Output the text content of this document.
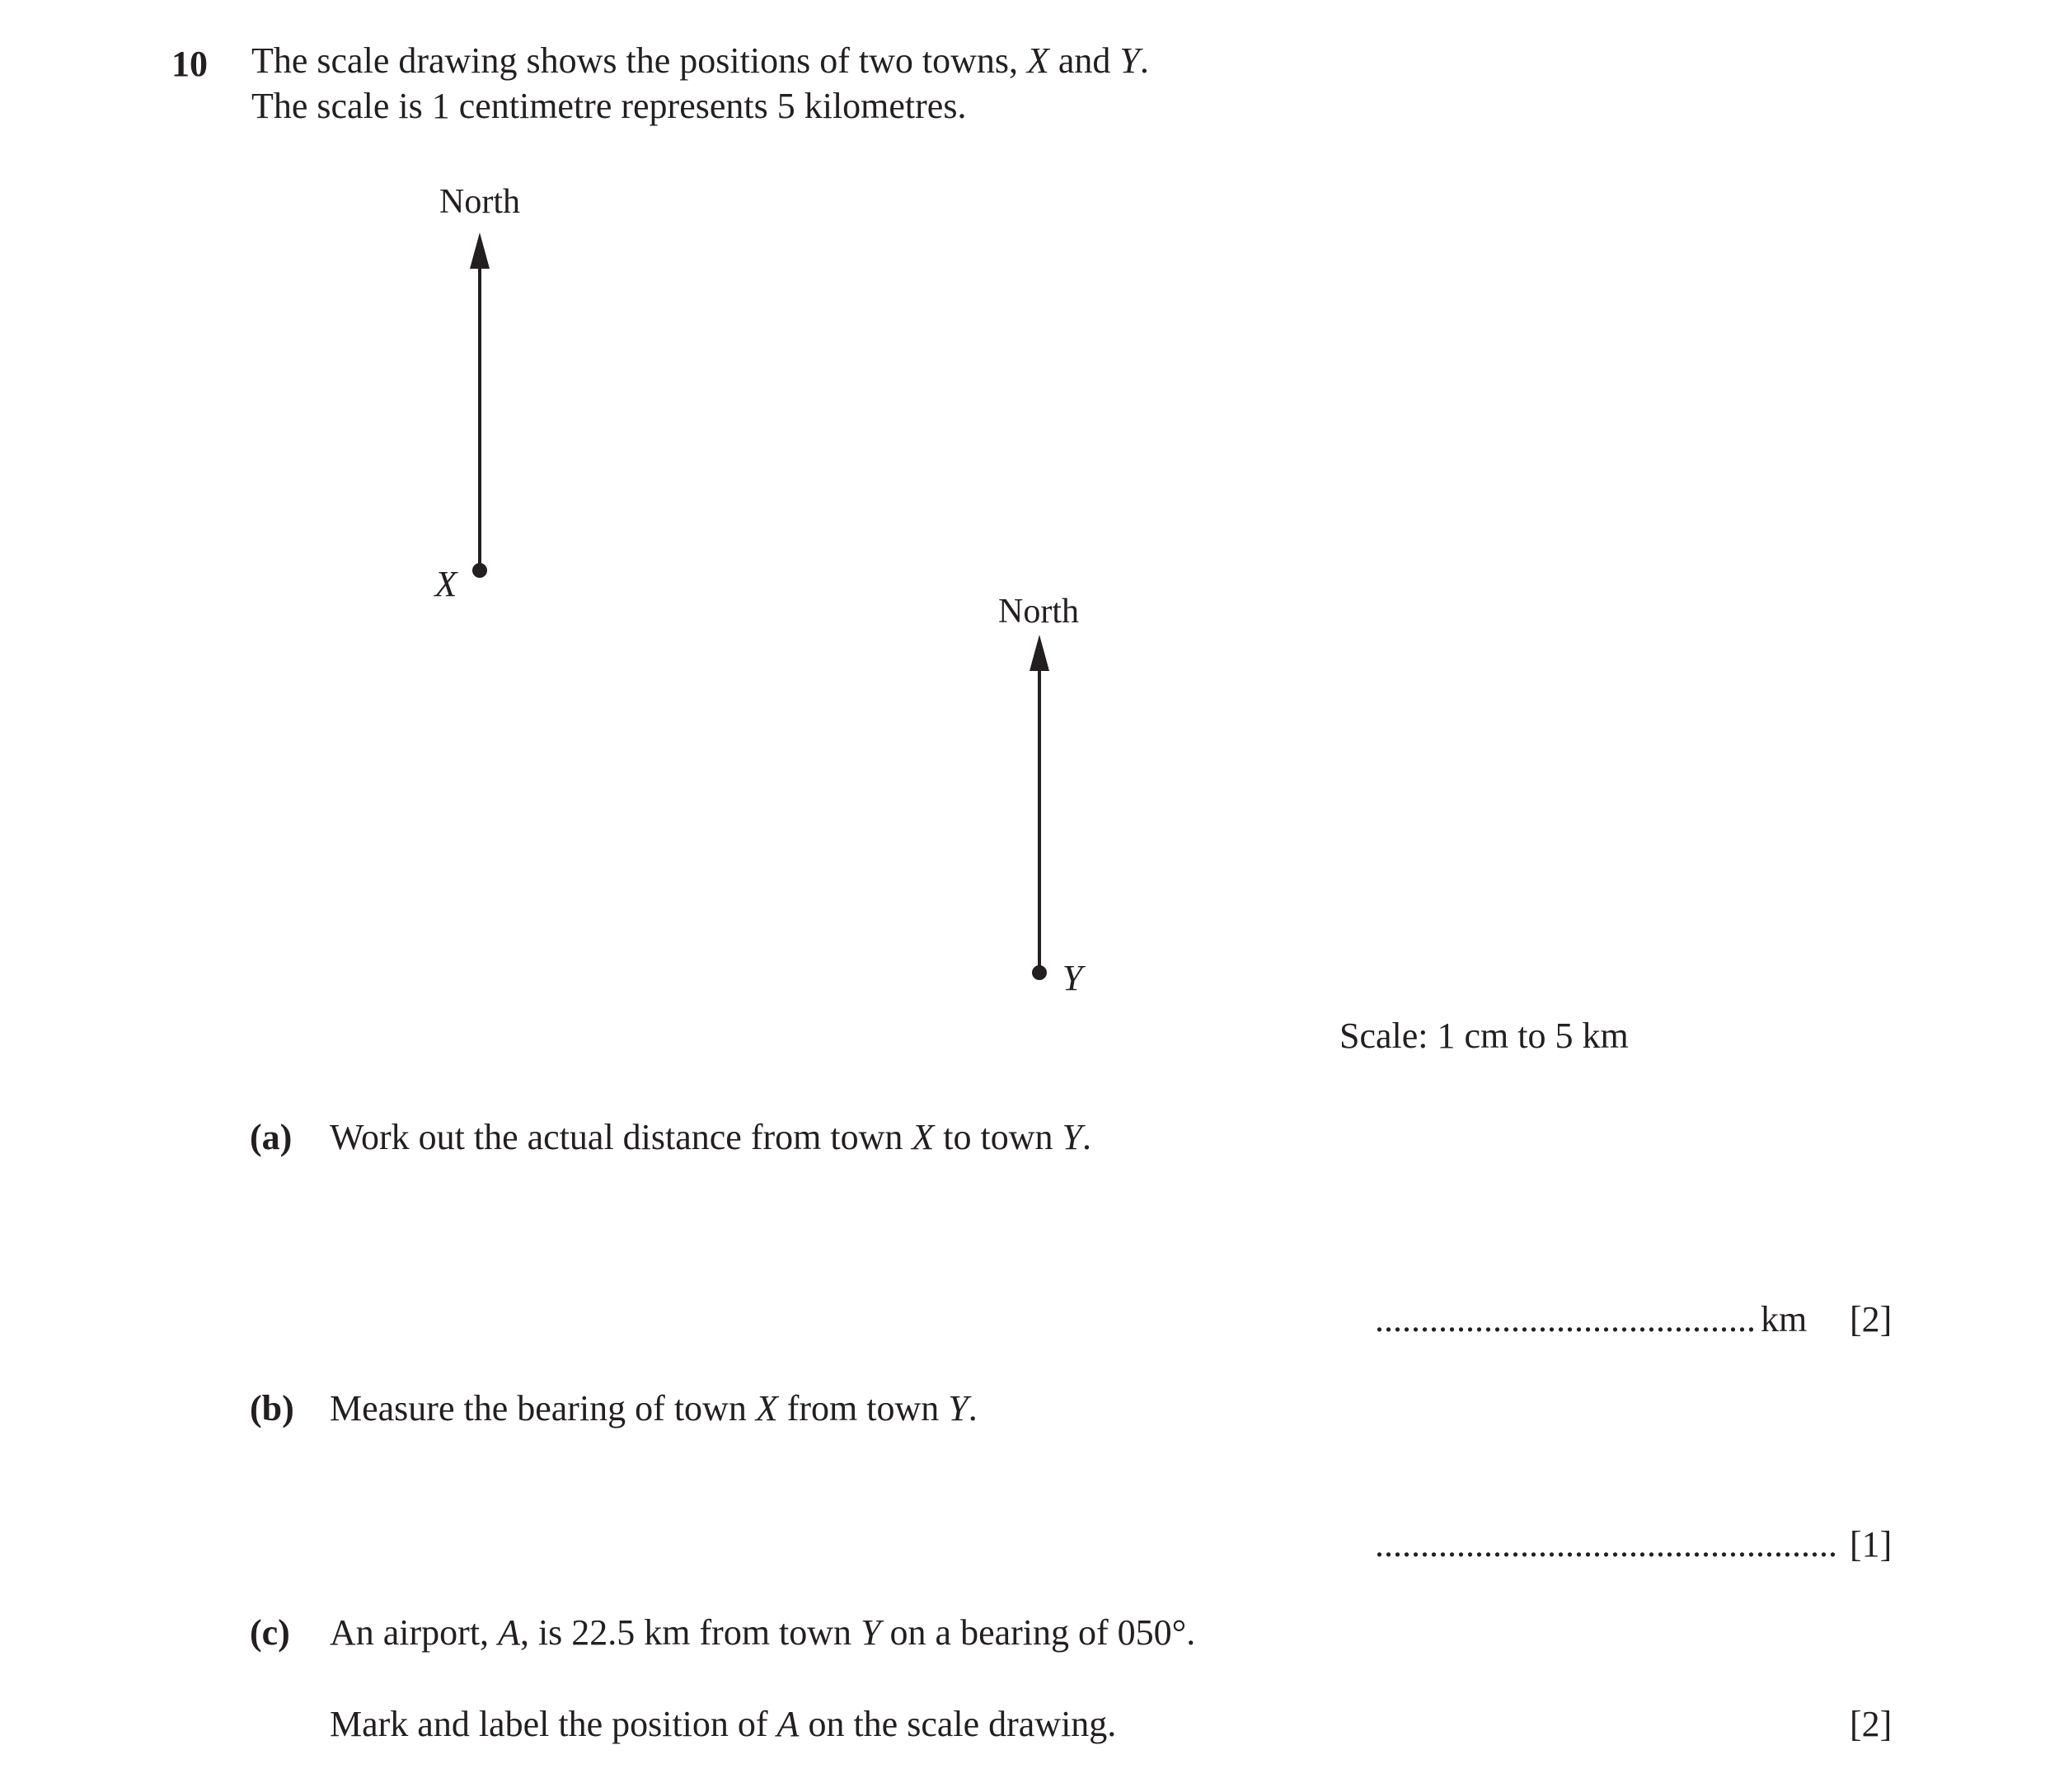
10 The scale drawing shows the positions of two towns, X and Y.
The scale is 1 centimetre represents 5 kilometres.
North
X
North
Y
Scale: 1 cm to 5 km
(a) Work out the actual distance from town X to town Y.
.......................................... km [2]
(b) Measure the bearing of town X from town Y.
................................................... [1]
(c) An airport, A, is 22.5 km from town Y on a bearing of 050°.
Mark and label the position of A on the scale drawing.	[2]
